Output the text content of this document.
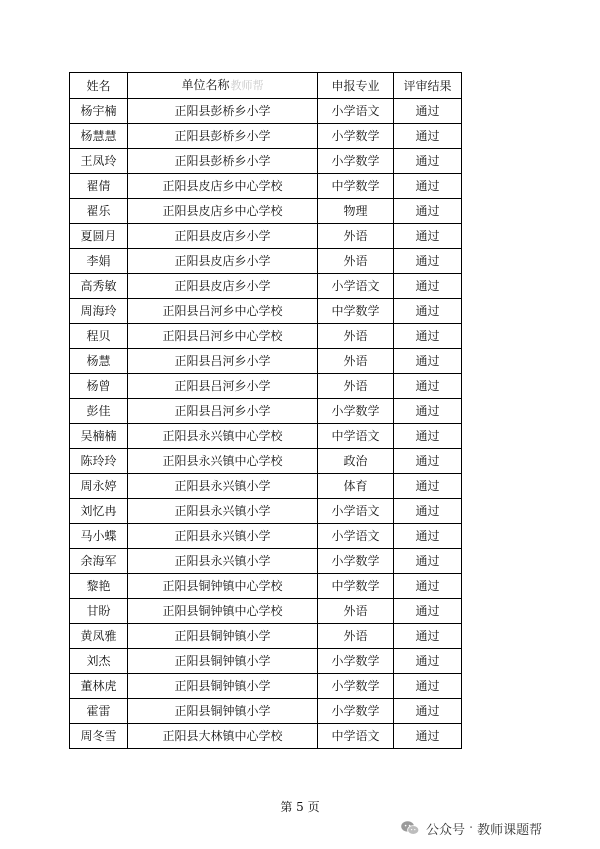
姓名	单位名称教师帮	申报专业	评审结果
杨宇楠	正阳县彭桥乡小学	小学语文	通过
杨慧慧	正阳县彭桥乡小学	小学数学	通过
王凤玲	正阳县彭桥乡小学	小学数学	通过
翟倩	正阳县皮店乡中心学校	中学数学	通过
翟乐	正阳县皮店乡中心学校	物理	通过
夏圆月	正阳县皮店乡小学	外语	通过
李娟	正阳县皮店乡小学	外语	通过
高秀敏	正阳县皮店乡小学	小学语文	通过
周海玲	正阳县吕河乡中心学校	中学数学	通过
程贝	正阳县吕河乡中心学校	外语	通过
杨慧	正阳县吕河乡小学	外语	通过
杨曾	正阳县吕河乡小学	外语	通过
彭佳	正阳县吕河乡小学	小学数学	通过
吴楠楠	正阳县永兴镇中心学校	中学语文	通过
陈玲玲	正阳县永兴镇中心学校	政治	通过
周永婷	正阳县永兴镇小学	体育	通过
刘忆冉	正阳县永兴镇小学	小学语文	通过
马小蝶	正阳县永兴镇小学	小学语文	通过
余海军	正阳县永兴镇小学	小学数学	通过
黎艳	正阳县铜钟镇中心学校	中学数学	通过
甘盼	正阳县铜钟镇中心学校	外语	通过
黄凤雅	正阳县铜钟镇小学	外语	通过
刘杰	正阳县铜钟镇小学	小学数学	通过
董林虎	正阳县铜钟镇小学	小学数学	通过
霍雷	正阳县铜钟镇小学	小学数学	通过
周冬雪	正阳县大林镇中心学校	中学语文	通过
第 5 页
公众号 · 教师课题帮
